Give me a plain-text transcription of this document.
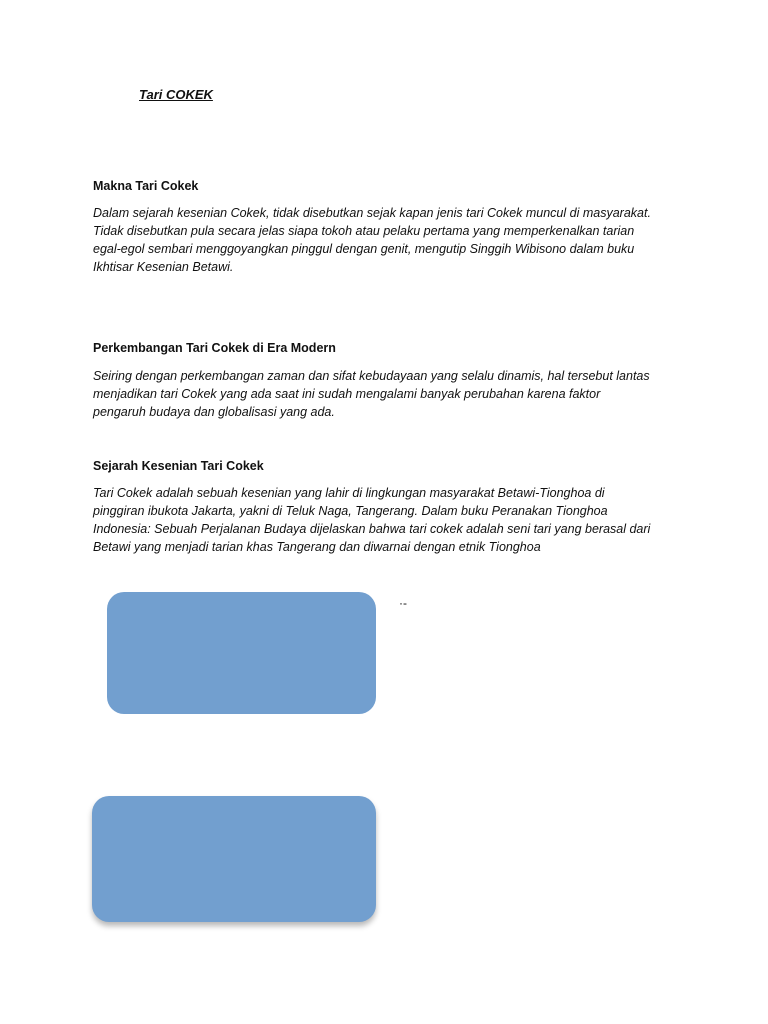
Tari COKEK

Makna Tari Cokek

Dalam sejarah kesenian Cokek, tidak disebutkan sejak kapan jenis tari Cokek muncul di masyarakat.
Tidak disebutkan pula secara jelas siapa tokoh atau pelaku pertama yang memperkenalkan tarian
egal-egol sembari menggoyangkan pinggul dengan genit, mengutip Singgih Wibisono dalam buku
Ikhtisar Kesenian Betawi.

Perkembangan Tari Cokek di Era Modern

Seiring dengan perkembangan zaman dan sifat kebudayaan yang selalu dinamis, hal tersebut lantas
menjadikan tari Cokek yang ada saat ini sudah mengalami banyak perubahan karena faktor
pengaruh budaya dan globalisasi yang ada.

Sejarah Kesenian Tari Cokek

Tari Cokek adalah sebuah kesenian yang lahir di lingkungan masyarakat Betawi-Tionghoa di
pinggiran ibukota Jakarta, yakni di Teluk Naga, Tangerang. Dalam buku Peranakan Tionghoa
Indonesia: Sebuah Perjalanan Budaya dijelaskan bahwa tari cokek adalah seni tari yang berasal dari
Betawi yang menjadi tarian khas Tangerang dan diwarnai dengan etnik Tionghoa

·-
